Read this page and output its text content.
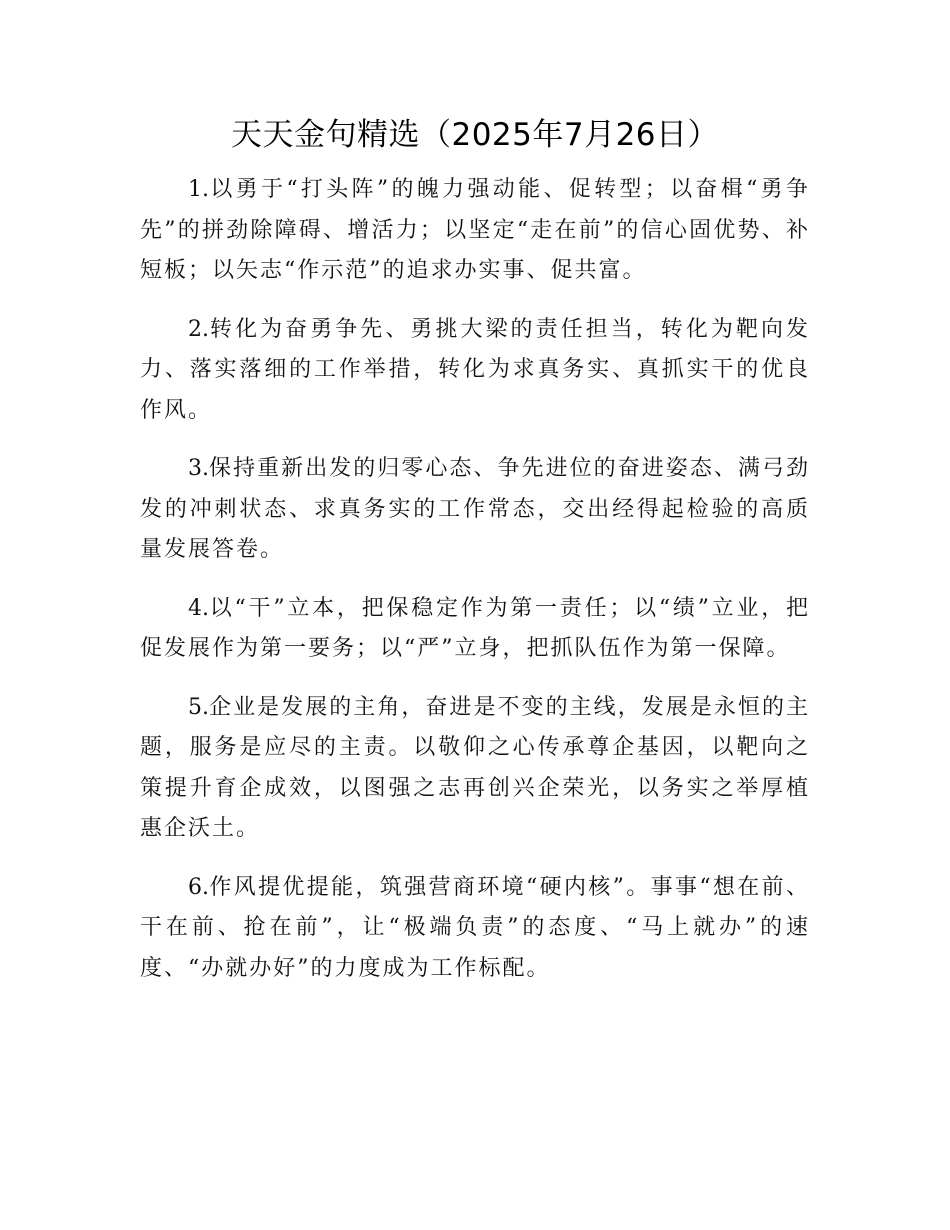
天天金句精选（2025年7月26日）

1.以勇于“打头阵”的魄力强动能、促转型；以奋楫“勇争先”的拼劲除障碍、增活力；以坚定“走在前”的信心固优势、补短板；以矢志“作示范”的追求办实事、促共富。

2.转化为奋勇争先、勇挑大梁的责任担当，转化为靶向发力、落实落细的工作举措，转化为求真务实、真抓实干的优良作风。

3.保持重新出发的归零心态、争先进位的奋进姿态、满弓劲发的冲刺状态、求真务实的工作常态，交出经得起检验的高质量发展答卷。

4.以“干”立本，把保稳定作为第一责任；以“绩”立业，把促发展作为第一要务；以“严”立身，把抓队伍作为第一保障。

5.企业是发展的主角，奋进是不变的主线，发展是永恒的主题，服务是应尽的主责。以敬仰之心传承尊企基因，以靶向之策提升育企成效，以图强之志再创兴企荣光，以务实之举厚植惠企沃土。

6.作风提优提能，筑强营商环境“硬内核”。事事“想在前、干在前、抢在前”，让“极端负责”的态度、“马上就办”的速度、“办就办好”的力度成为工作标配。
